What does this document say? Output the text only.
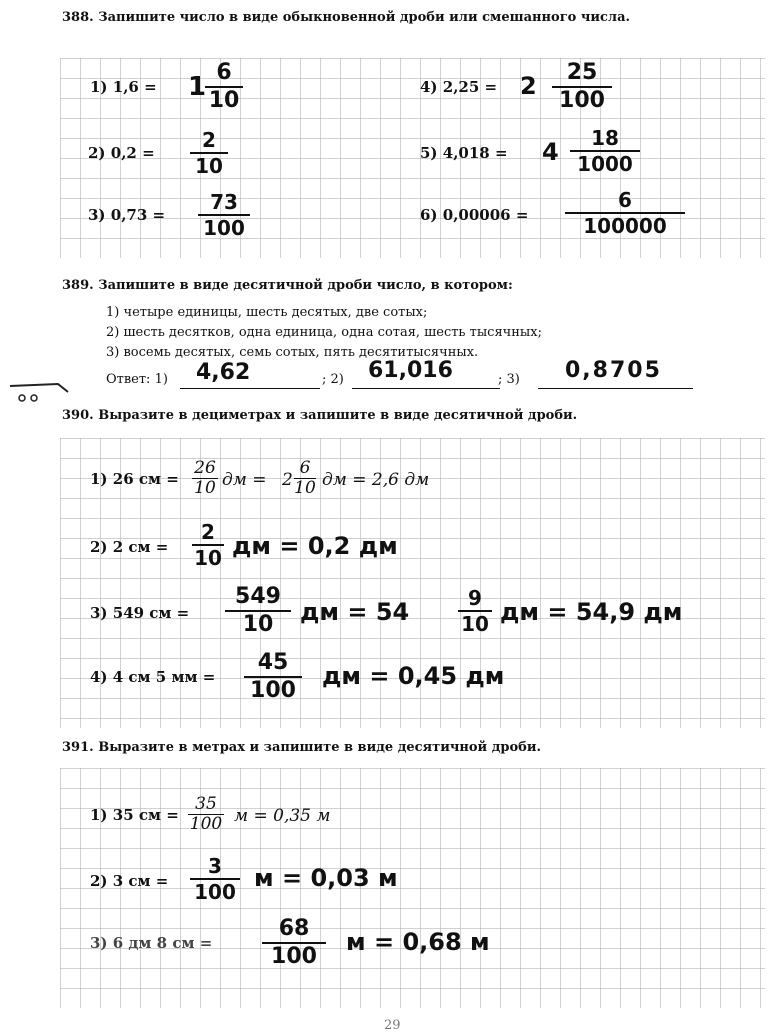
388. Запишите число в виде обыкновенной дроби или смешанного числа.
1) 1,6 = 1 6
10
2) 0,2 =
2
10
3) 0,73 =
73
100
4) 2,25 = 2	25
100
5) 4,018 = 4	18
1000
6) 0,00006 =
6
100000
389. Запишите в виде десятичной дроби число, в котором:
1) четыре единицы, шесть десятых, две сотых;
2) шесть десятков, одна единица, одна сотая, шесть тысячных;
3) восемь десятых, семь сотых, пять десятитысячных.
Ответ: 1) 4,62	; 2) 61,016	; 3) 0,8705
390. Выразите в дециметрах и запишите в виде десятичной дроби.
1) 26 см =
26
10 дм = 2
6
10 дм = 2,6 дм
2) 2 см =
2
10 дм = 0,2 дм
3) 549 см =
549
10	дм = 54	9
10 дм = 54,9 дм
4) 4 см 5 мм =
45
100
дм = 0,45 дм
391. Выразите в метрах и запишите в виде десятичной дроби.
1) 35 см =
35
100 м = 0,35 м
2) 3 см =
3
100 м = 0,03 м
3) 6 дм 8 см =
68
100
м = 0,68 м
29
